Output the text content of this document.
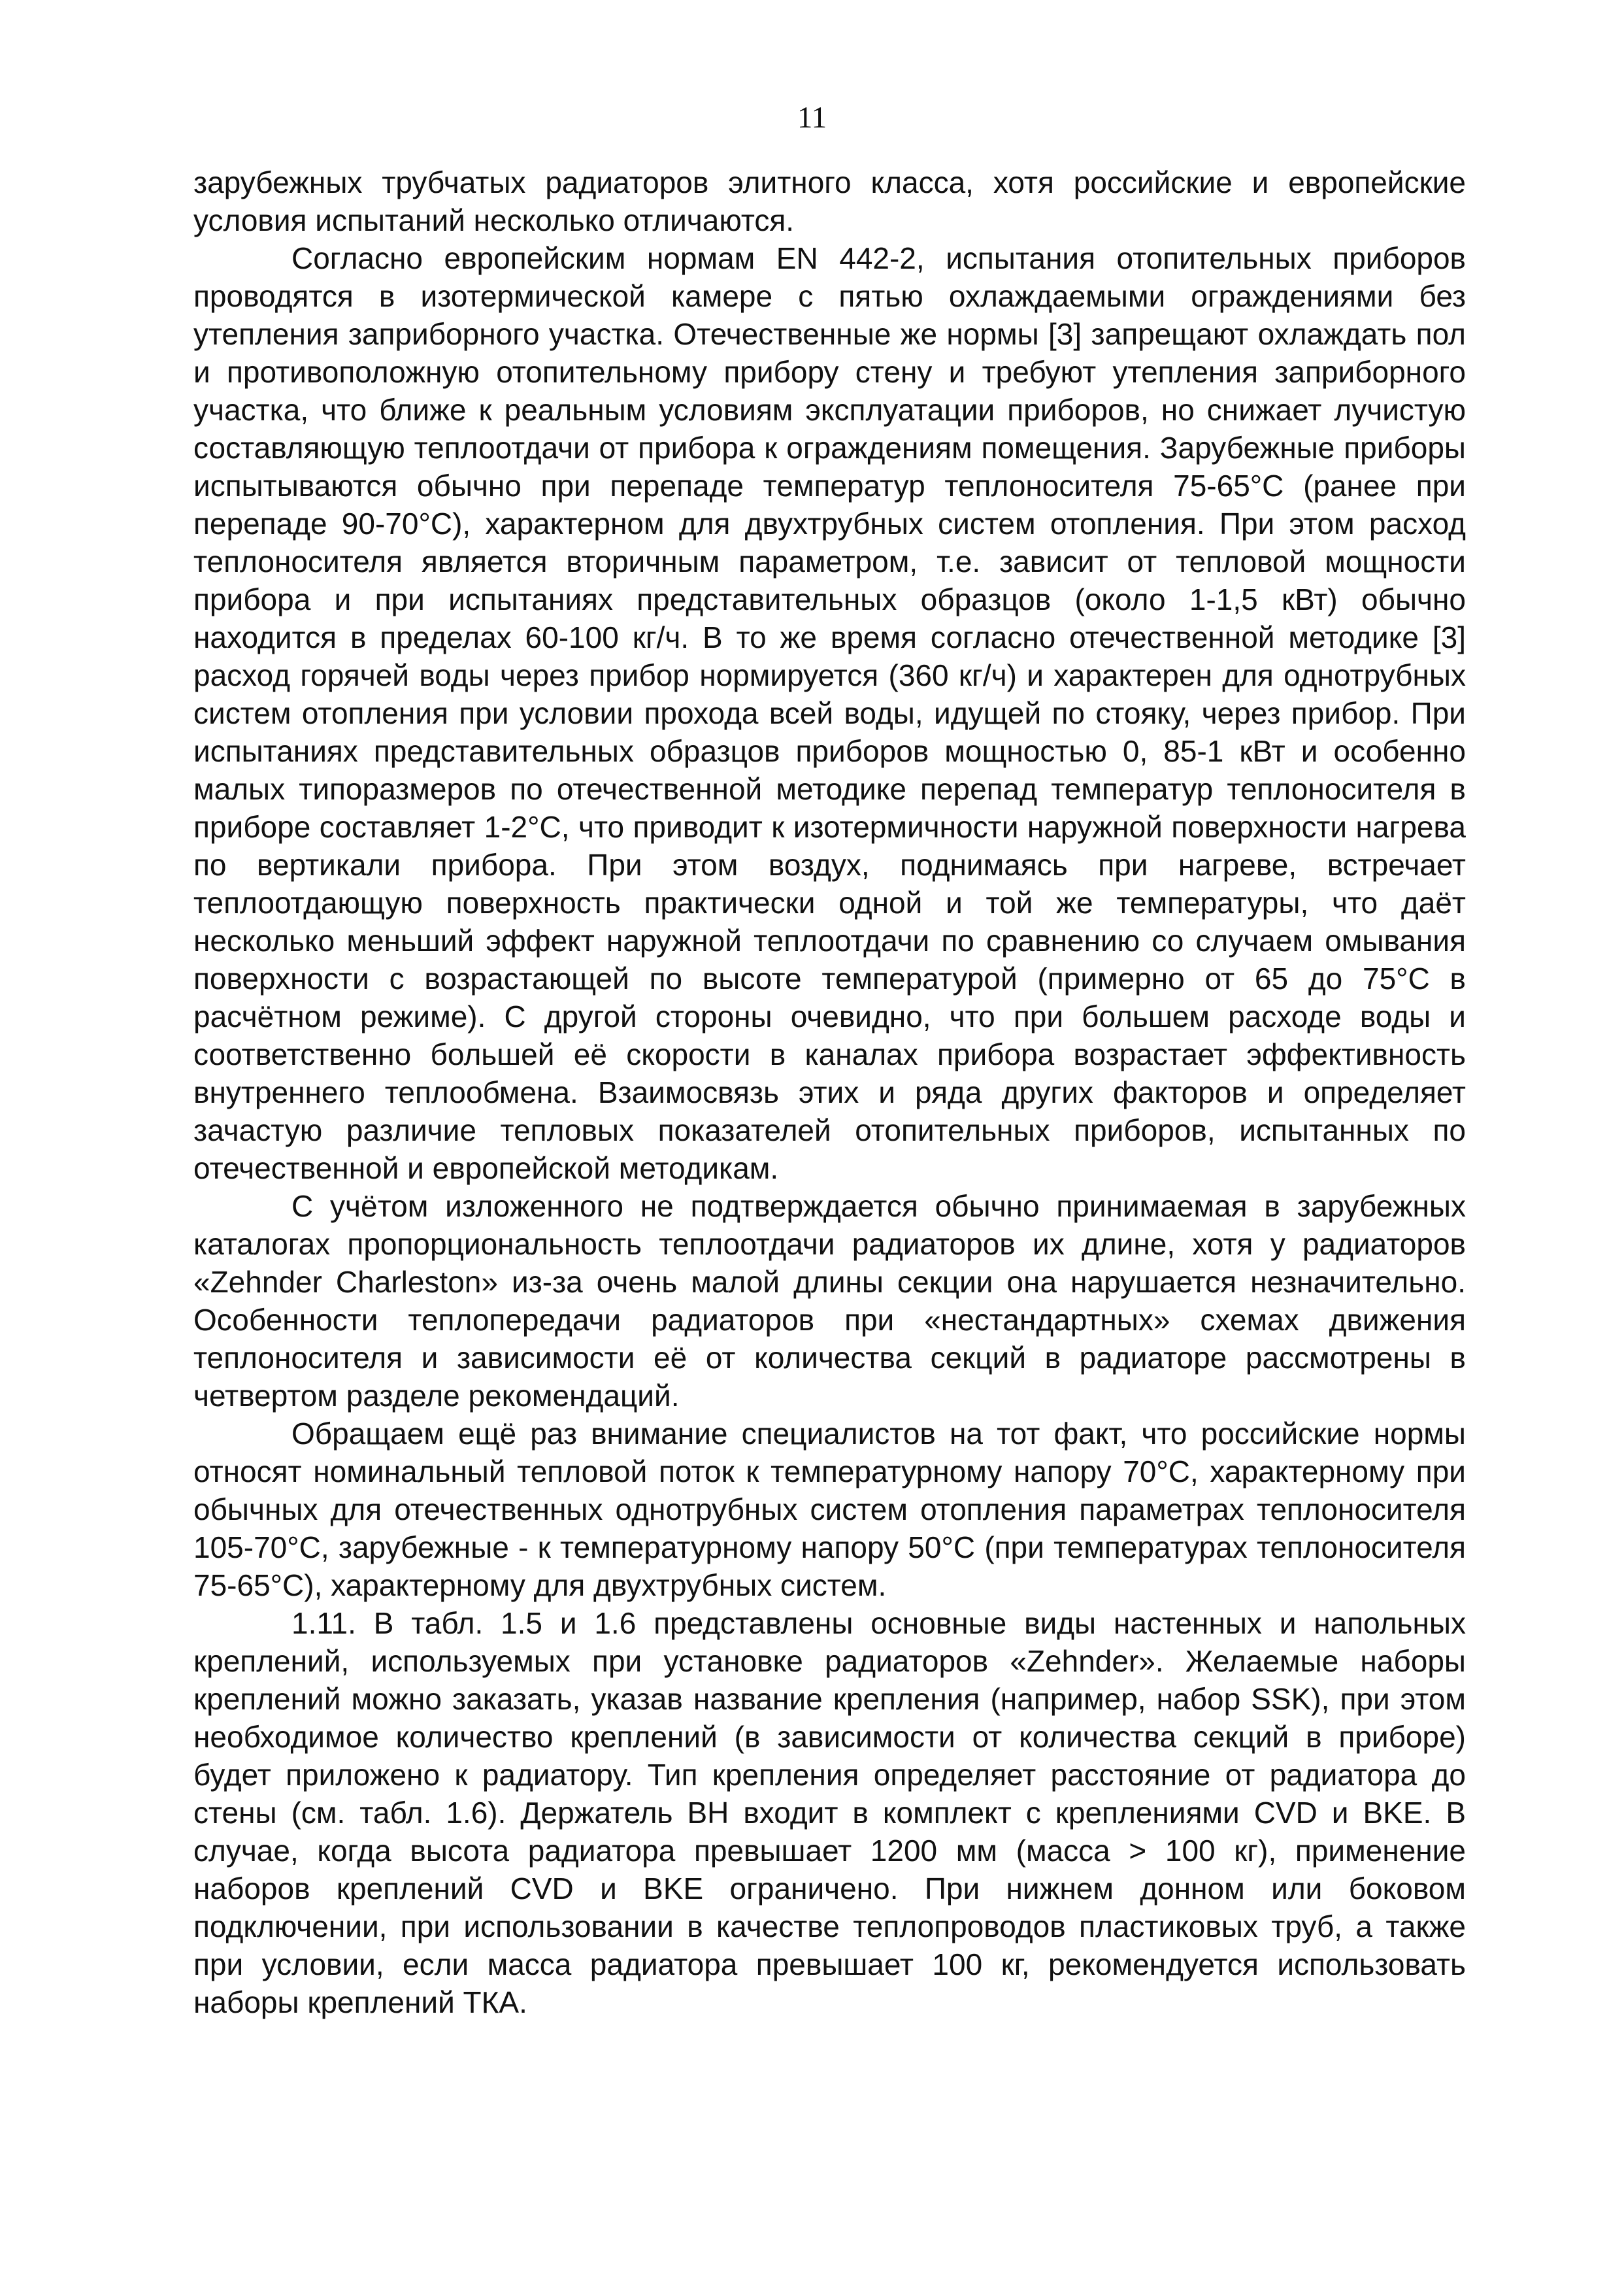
11

зарубежных трубчатых радиаторов элитного класса, хотя российские и европейские условия испытаний несколько отличаются.

Согласно европейским нормам EN 442-2, испытания отопительных приборов проводятся в изотермической камере с пятью охлаждаемыми ограждениями без утепления заприборного участка. Отечественные же нормы [3] запрещают охлаждать пол и противоположную отопительному прибору стену и требуют утепления заприборного участка, что ближе к реальным условиям эксплуатации приборов, но снижает лучистую составляющую теплоотдачи от прибора к ограждениям помещения. Зарубежные приборы испытываются обычно при перепаде температур теплоносителя 75-65°С (ранее при перепаде 90-70°С), характерном для двухтрубных систем отопления. При этом расход теплоносителя является вторичным параметром, т.е. зависит от тепловой мощности прибора и при испытаниях представительных образцов (около 1-1,5 кВт) обычно находится в пределах 60-100 кг/ч. В то же время согласно отечественной методике [3] расход горячей воды через прибор нормируется (360 кг/ч) и характерен для однотрубных систем отопления при условии прохода всей воды, идущей по стояку, через прибор. При испытаниях представительных образцов приборов мощностью 0, 85-1 кВт и особенно малых типоразмеров по отечественной методике перепад температур теплоносителя в приборе составляет 1-2°С, что приводит к изотермичности наружной поверхности нагрева по вертикали прибора. При этом воздух, поднимаясь при нагреве, встречает теплоотдающую поверхность практически одной и той же температуры, что даёт несколько меньший эффект наружной теплоотдачи по сравнению со случаем омывания поверхности с возрастающей по высоте температурой (примерно от 65 до 75°С в расчётном режиме). С другой стороны очевидно, что при большем расходе воды и соответственно большей её скорости в каналах прибора возрастает эффективность внутреннего теплообмена. Взаимосвязь этих и ряда других факторов и определяет зачастую различие тепловых показателей отопительных приборов, испытанных по отечественной и европейской методикам.

С учётом изложенного не подтверждается обычно принимаемая в зарубежных каталогах пропорциональность теплоотдачи радиаторов их длине, хотя у радиаторов «Zehnder Charleston» из-за очень малой длины секции она нарушается незначительно. Особенности теплопередачи радиаторов при «нестандартных» схемах движения теплоносителя и зависимости её от количества секций в радиаторе рассмотрены в четвертом разделе рекомендаций.

Обращаем ещё раз внимание специалистов на тот факт, что российские нормы относят номинальный тепловой поток к температурному напору 70°С, характерному при обычных для отечественных однотрубных систем отопления параметрах теплоносителя 105-70°С, зарубежные - к температурному напору 50°С (при температурах теплоносителя 75-65°С), характерному для двухтрубных систем.

1.11. В табл. 1.5 и 1.6 представлены основные виды настенных и напольных креплений, используемых при установке радиаторов «Zehnder». Желаемые наборы креплений можно заказать, указав название крепления (например, набор SSK), при этом необходимое количество креплений (в зависимости от количества секций в приборе) будет приложено к радиатору. Тип крепления определяет расстояние от радиатора до стены (см. табл. 1.6). Держатель ВН входит в комплект с креплениями CVD и BKE. В случае, когда высота радиатора превышает 1200 мм (масса > 100 кг), применение наборов креплений CVD и BKE ограничено. При нижнем донном или боковом подключении, при использовании в качестве теплопроводов пластиковых труб, а также при условии, если масса радиатора превышает 100 кг, рекомендуется использовать наборы креплений ТКА.
